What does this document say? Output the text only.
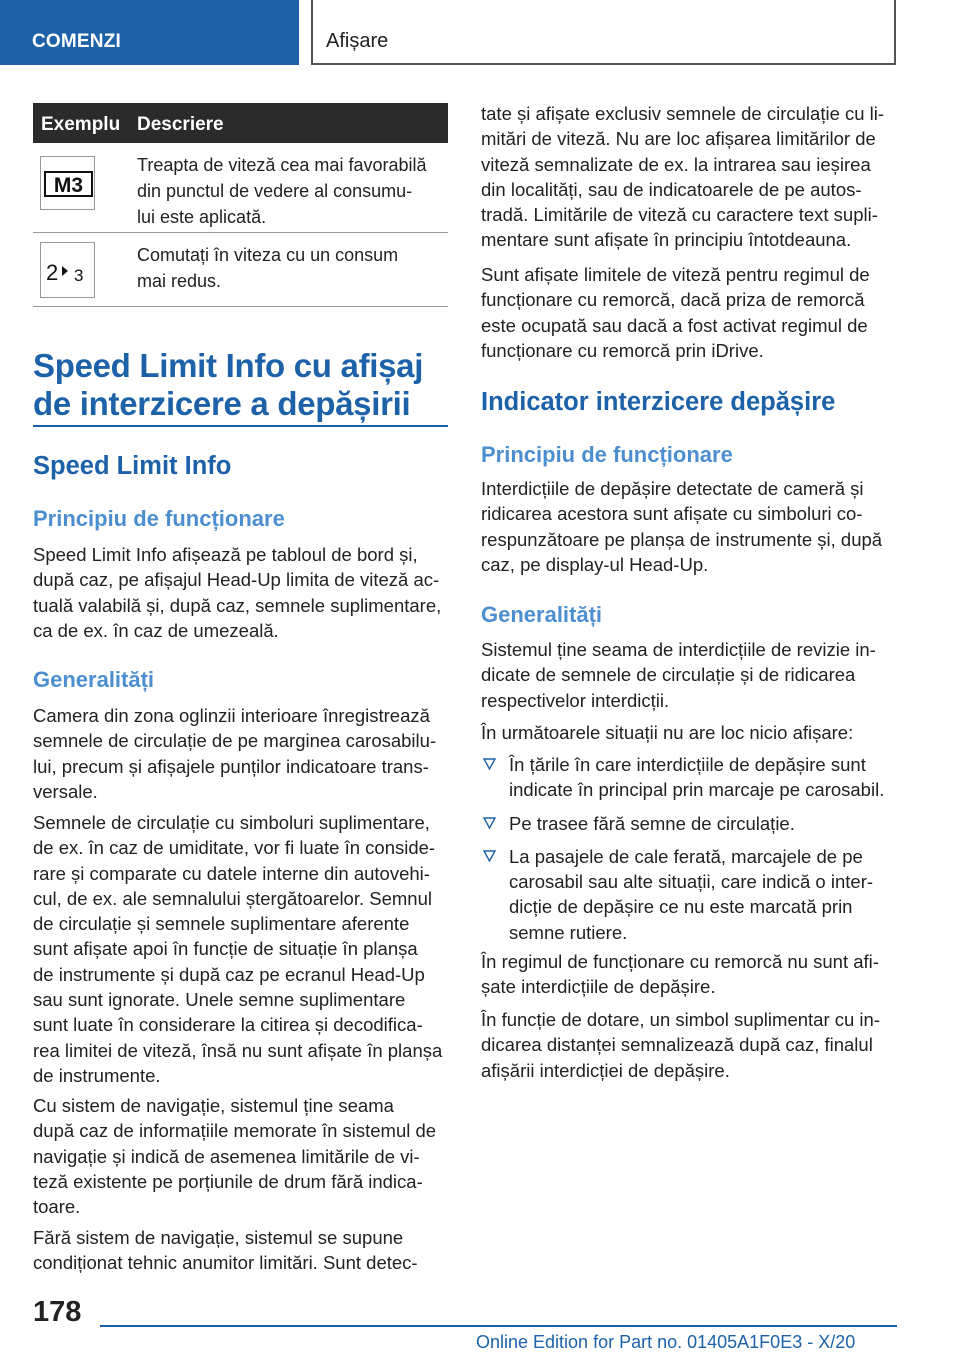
COMENZI	Afișare
Exemplu Descriere
M3
Treapta de viteză cea mai favorabilă
din punctul de vedere al consumu-
lui este aplicată.
2 3
Comutați în viteza cu un consum
mai redus.
Speed Limit Info cu afișaj
de interzicere a depășirii
Speed Limit Info
Principiu de funcționare

Speed Limit Info afișează pe tabloul de bord și,

după caz, pe afișajul Head-Up limita de viteză ac-

tuală valabilă și, după caz, semnele suplimentare,

ca de ex. în caz de umezeală.

Generalități

Camera din zona oglinzii interioare înregistrează

semnele de circulație de pe marginea carosabilu-

lui, precum și afișajele punților indicatoare trans-

versale.

Semnele de circulație cu simboluri suplimentare,

de ex. în caz de umiditate, vor fi luate în conside-

rare și comparate cu datele interne din autovehi-

cul, de ex. ale semnalului ștergătoarelor. Semnul

de circulație și semnele suplimentare aferente

sunt afișate apoi în funcție de situație în planșa

de instrumente și după caz pe ecranul Head-Up

sau sunt ignorate. Unele semne suplimentare

sunt luate în considerare la citirea și decodifica-

rea limitei de viteză, însă nu sunt afișate în planșa

de instrumente.

Cu sistem de navigație, sistemul ține seama

după caz de informațiile memorate în sistemul de

navigație și indică de asemenea limitările de vi-

teză existente pe porțiunile de drum fără indica-

toare.

Fără sistem de navigație, sistemul se supune

condiționat tehnic anumitor limitări. Sunt detec-

tate și afișate exclusiv semnele de circulație cu li-

mitări de viteză. Nu are loc afișarea limitărilor de

viteză semnalizate de ex. la intrarea sau ieșirea

din localități, sau de indicatoarele de pe autos-

tradă. Limitările de viteză cu caractere text supli-

mentare sunt afișate în principiu întotdeauna.

Sunt afișate limitele de viteză pentru regimul de

funcționare cu remorcă, dacă priza de remorcă

este ocupată sau dacă a fost activat regimul de

funcționare cu remorcă prin iDrive.

Indicator interzicere depășire
Principiu de funcționare

Interdicțiile de depășire detectate de cameră și

ridicarea acestora sunt afișate cu simboluri co-

respunzătoare pe planșa de instrumente și, după

caz, pe display-ul Head-Up.

Generalități

Sistemul ține seama de interdicțiile de revizie in-

dicate de semnele de circulație și de ridicarea

respectivelor interdicții.

În următoarele situații nu are loc nicio afișare:

În țările în care interdicțiile de depășire sunt
indicate în principal prin marcaje pe carosabil.
Pe trasee fără semne de circulație.
La pasajele de cale ferată, marcajele de pe
carosabil sau alte situații, care indică o inter-
dicție de depășire ce nu este marcată prin
semne rutiere.

În regimul de funcționare cu remorcă nu sunt afi-

șate interdicțiile de depășire.

În funcție de dotare, un simbol suplimentar cu in-

dicarea distanței semnalizează după caz, finalul

afișării interdicției de depășire.

178
Online Edition for Part no. 01405A1F0E3 - X/20
